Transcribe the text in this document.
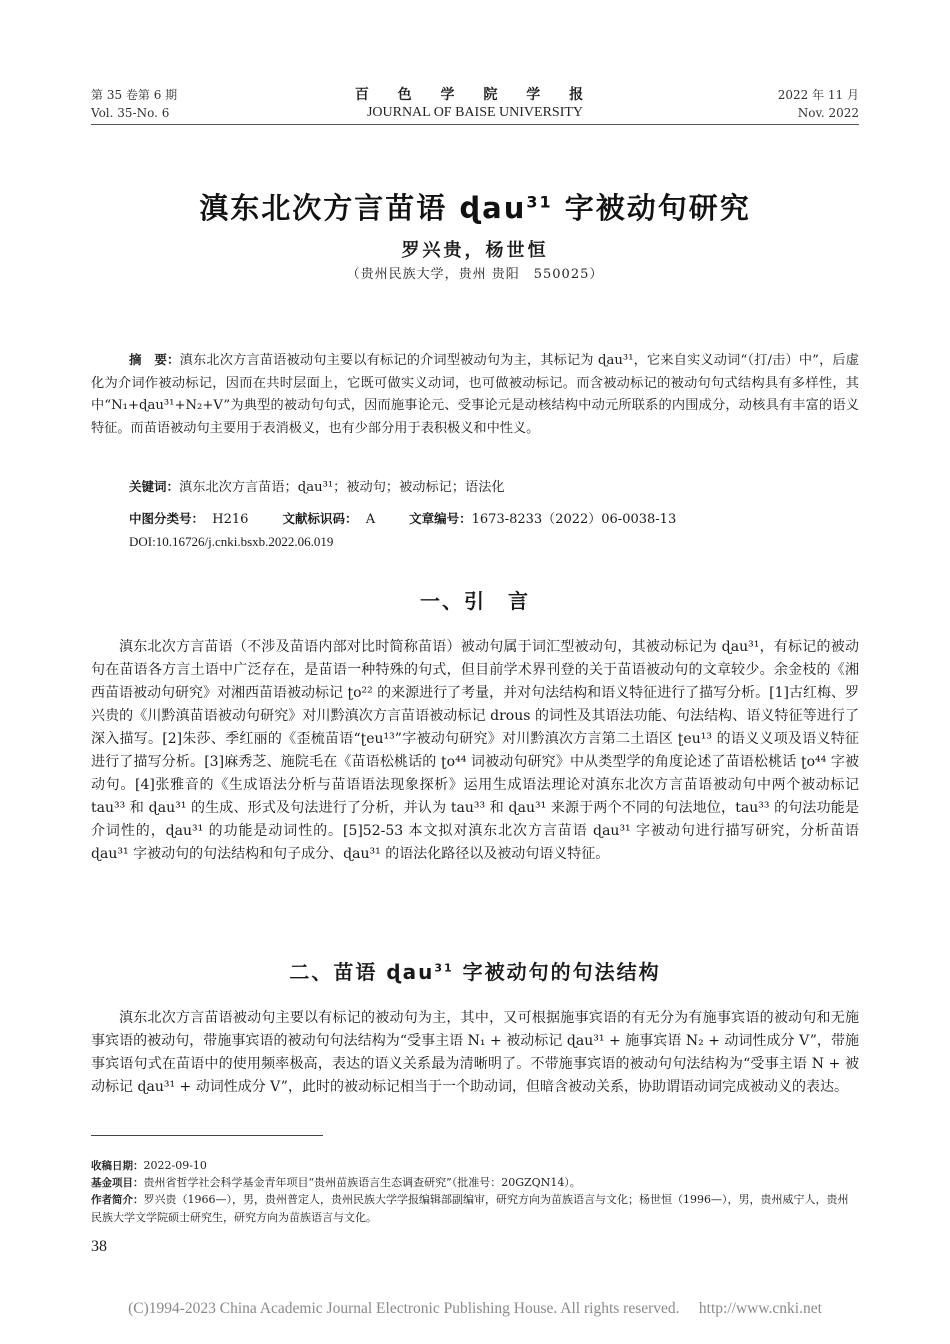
第 35 卷第 6 期
Vol. 35-No. 6
百 色 学 院 学 报
JOURNAL OF BAISE UNIVERSITY
2022 年 11 月
Nov. 2022
滇东北次方言苗语 ɖau$^{31}$ 字被动句研究
罗兴贵，杨世恒
（贵州民族大学，贵州 贵阳　550025）
摘　要：滇东北次方言苗语被动句主要以有标记的介词型被动句为主，其标记为 ɖau³¹，它来自实义动词“（打/击）中”，后虚化为介词作被动标记，因而在共时层面上，它既可做实义动词，也可做被动标记。而含被动标记的被动句句式结构具有多样性，其中“N₁+ɖau³¹+N₂+V”为典型的被动句句式，因而施事论元、受事论元是动核结构中动元所联系的内围成分，动核具有丰富的语义特征。而苗语被动句主要用于表消极义，也有少部分用于表积极义和中性义。
关键词：滇东北次方言苗语；ɖau³¹；被动句；被动标记；语法化
中图分类号： H216	文献标识码： A	文章编号：1673-8233（2022）06-0038-13
DOI:10.16726/j.cnki.bsxb.2022.06.019
一、引　言
滇东北次方言苗语（不涉及苗语内部对比时简称苗语）被动句属于词汇型被动句，其被动标记为 ɖau³¹，有标记的被动句在苗语各方言土语中广泛存在，是苗语一种特殊的句式，但目前学术界刊登的关于苗语被动句的文章较少。余金枝的《湘西苗语被动句研究》对湘西苗语被动标记 ʈo²² 的来源进行了考量，并对句法结构和语义特征进行了描写分析。[1]古红梅、罗兴贵的《川黔滇苗语被动句研究》对川黔滇次方言苗语被动标记 drous 的词性及其语法功能、句法结构、语义特征等进行了深入描写。[2]朱莎、季红丽的《歪梳苗语“ʈeu¹³”字被动句研究》对川黔滇次方言第二土语区 ʈeu¹³ 的语义义项及语义特征进行了描写分析。[3]麻秀芝、施院毛在《苗语松桃话的 ʈo⁴⁴ 词被动句研究》中从类型学的角度论述了苗语松桃话 ʈo⁴⁴ 字被动句。[4]张雅音的《生成语法分析与苗语语法现象探析》运用生成语法理论对滇东北次方言苗语被动句中两个被动标记 tau³³ 和 ɖau³¹ 的生成、形式及句法进行了分析，并认为 tau³³ 和 ɖau³¹ 来源于两个不同的句法地位，tau³³ 的句法功能是介词性的，ɖau³¹ 的功能是动词性的。[5]52-53 本文拟对滇东北次方言苗语 ɖau³¹ 字被动句进行描写研究，分析苗语 ɖau³¹ 字被动句的句法结构和句子成分、ɖau³¹ 的语法化路径以及被动句语义特征。
二、苗语 ɖau$^{31}$ 字被动句的句法结构
滇东北次方言苗语被动句主要以有标记的被动句为主，其中，又可根据施事宾语的有无分为有施事宾语的被动句和无施事宾语的被动句，带施事宾语的被动句句法结构为“受事主语 N₁ + 被动标记 ɖau³¹ + 施事宾语 N₂ + 动词性成分 V”，带施事宾语句式在苗语中的使用频率极高，表达的语义关系最为清晰明了。不带施事宾语的被动句句法结构为“受事主语 N + 被动标记 ɖau³¹ + 动词性成分 V”，此时的被动标记相当于一个助动词，但暗含被动关系，协助谓语动词完成被动义的表达。
收稿日期：2022-09-10
基金项目：贵州省哲学社会科学基金青年项目“贵州苗族语言生态调查研究”（批准号：20GZQN14）。
作者简介：罗兴贵（1966—），男，贵州普定人，贵州民族大学学报编辑部副编审，研究方向为苗族语言与文化；杨世恒（1996—），男，贵州威宁人，贵州民族大学文学院硕士研究生，研究方向为苗族语言与文化。
38
(C)1994-2023 China Academic Journal Electronic Publishing House. All rights reserved.　 http://www.cnki.net
